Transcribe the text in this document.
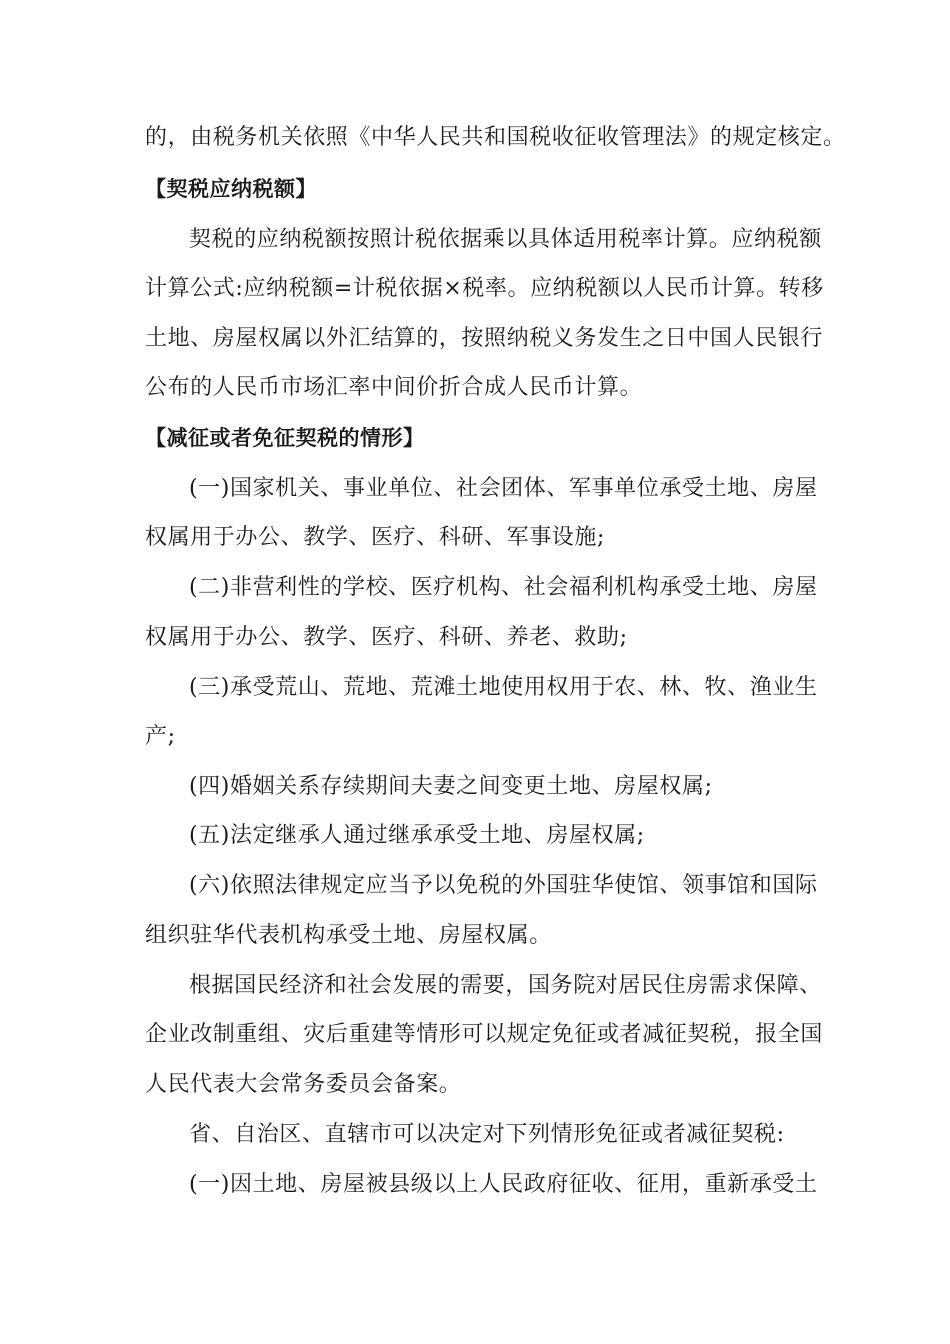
的，由税务机关依照《中华人民共和国税收征收管理法》的规定核定。
【契税应纳税额】
契税的应纳税额按照计税依据乘以具体适用税率计算。应纳税额
计算公式:应纳税额=计税依据×税率。应纳税额以人民币计算。转移
土地、房屋权属以外汇结算的，按照纳税义务发生之日中国人民银行
公布的人民币市场汇率中间价折合成人民币计算。
【减征或者免征契税的情形】
(一)国家机关、事业单位、社会团体、军事单位承受土地、房屋
权属用于办公、教学、医疗、科研、军事设施;
(二)非营利性的学校、医疗机构、社会福利机构承受土地、房屋
权属用于办公、教学、医疗、科研、养老、救助;
(三)承受荒山、荒地、荒滩土地使用权用于农、林、牧、渔业生
产;
(四)婚姻关系存续期间夫妻之间变更土地、房屋权属;
(五)法定继承人通过继承承受土地、房屋权属;
(六)依照法律规定应当予以免税的外国驻华使馆、领事馆和国际
组织驻华代表机构承受土地、房屋权属。
根据国民经济和社会发展的需要，国务院对居民住房需求保障、
企业改制重组、灾后重建等情形可以规定免征或者减征契税，报全国
人民代表大会常务委员会备案。
省、自治区、直辖市可以决定对下列情形免征或者减征契税:
(一)因土地、房屋被县级以上人民政府征收、征用，重新承受土
